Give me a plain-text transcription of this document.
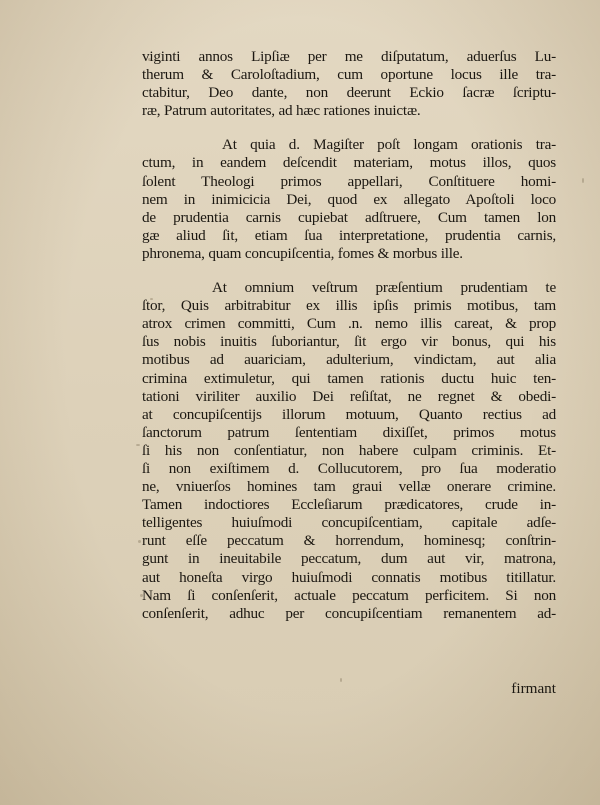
viginti annos Lipſiæ per me diſputatum, aduerſus Lu-
therum & Caroloſtadium, cum oportune locus ille tra-
ctabitur, Deo dante, non deerunt Eckio ſacræ ſcriptu-
ræ, Patrum autoritates, ad hæc rationes inuictæ.
At quia d. Magiſter poſt longam orationis tra-
ctum, in eandem deſcendit materiam, motus illos, quos
ſolent Theologi primos appellari, Conſtituere homi-
nem in inimicicia Dei, quod ex allegato Apoſtoli loco
de prudentia carnis cupiebat adſtruere, Cum tamen lon
gæ aliud ſit, etiam ſua interpretatione, prudentia carnis,
phronema, quam concupiſcentia, fomes & morbus ille.
At omnium veſtrum præſentium prudentiam te
ſtor, Quis arbitrabitur ex illis ipſis primis motibus, tam
atrox crimen committi, Cum .n. nemo illis careat, & prop
ſus nobis inuitis ſuboriantur, ſit ergo vir bonus, qui his
motibus ad auariciam, adulterium, vindictam, aut alia
crimina extimuletur, qui tamen rationis ductu huic ten-
tationi viriliter auxilio Dei reſiſtat, ne regnet & obedi-
at concupiſcentijs illorum motuum, Quanto rectius ad
ſanctorum patrum ſententiam dixiſſet, primos motus
ſi his non conſentiatur, non habere culpam criminis. Et-
ſi non exiſtimem d. Collucutorem, pro ſua moderatio
ne, vniuerſos homines tam graui vellæ onerare crimine.
Tamen indoctiores Eccleſiarum prædicatores, crude in-
telligentes huiuſmodi concupiſcentiam, capitale adſe-
runt eſſe peccatum & horrendum, hominesq; conſtrin-
gunt in ineuitabile peccatum, dum aut vir, matrona,
aut honeſta virgo huiuſmodi connatis motibus titillatur.
Nam ſi conſenſerit, actuale peccatum perficitem. Si non
conſenſerit, adhuc per concupiſcentiam remanentem ad-
firmant
